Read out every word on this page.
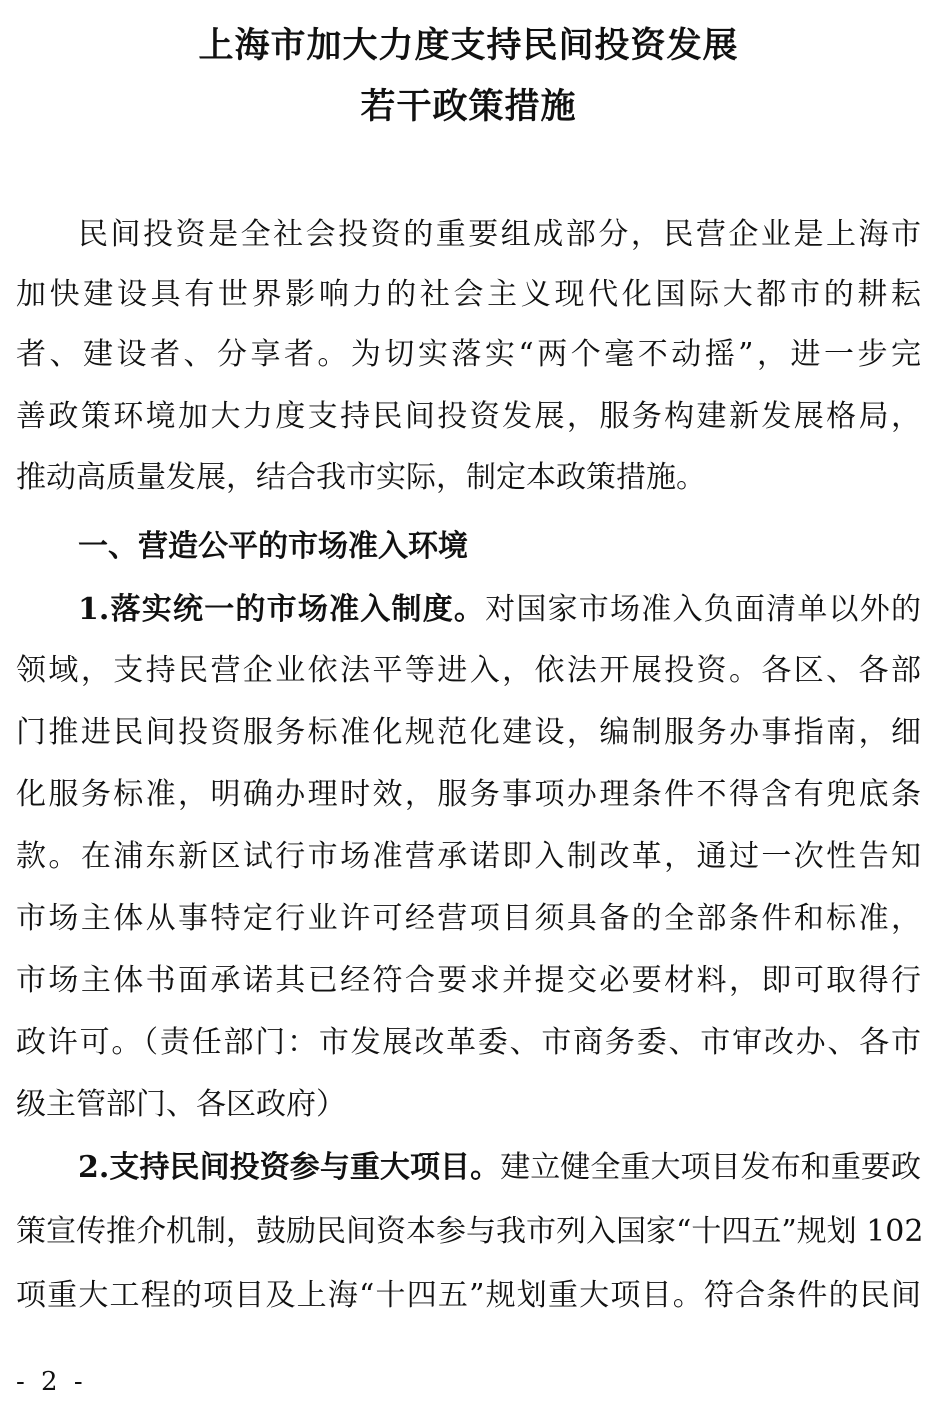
上海市加大力度支持民间投资发展
若干政策措施
民间投资是全社会投资的重要组成部分，民营企业是上海市
加快建设具有世界影响力的社会主义现代化国际大都市的耕耘
者、建设者、分享者。为切实落实“两个毫不动摇”，进一步完
善政策环境加大力度支持民间投资发展，服务构建新发展格局，
推动高质量发展，结合我市实际，制定本政策措施。
一、营造公平的市场准入环境
1.落实统一的市场准入制度。对国家市场准入负面清单以外的
领域，支持民营企业依法平等进入，依法开展投资。各区、各部
门推进民间投资服务标准化规范化建设，编制服务办事指南，细
化服务标准，明确办理时效，服务事项办理条件不得含有兜底条
款。在浦东新区试行市场准营承诺即入制改革，通过一次性告知
市场主体从事特定行业许可经营项目须具备的全部条件和标准，
市场主体书面承诺其已经符合要求并提交必要材料，即可取得行
政许可。（责任部门：市发展改革委、市商务委、市审改办、各市
级主管部门、各区政府）
2.支持民间投资参与重大项目。建立健全重大项目发布和重要政
策宣传推介机制，鼓励民间资本参与我市列入国家“十四五”规划 102
项重大工程的项目及上海“十四五”规划重大项目。符合条件的民间
- 2 -
